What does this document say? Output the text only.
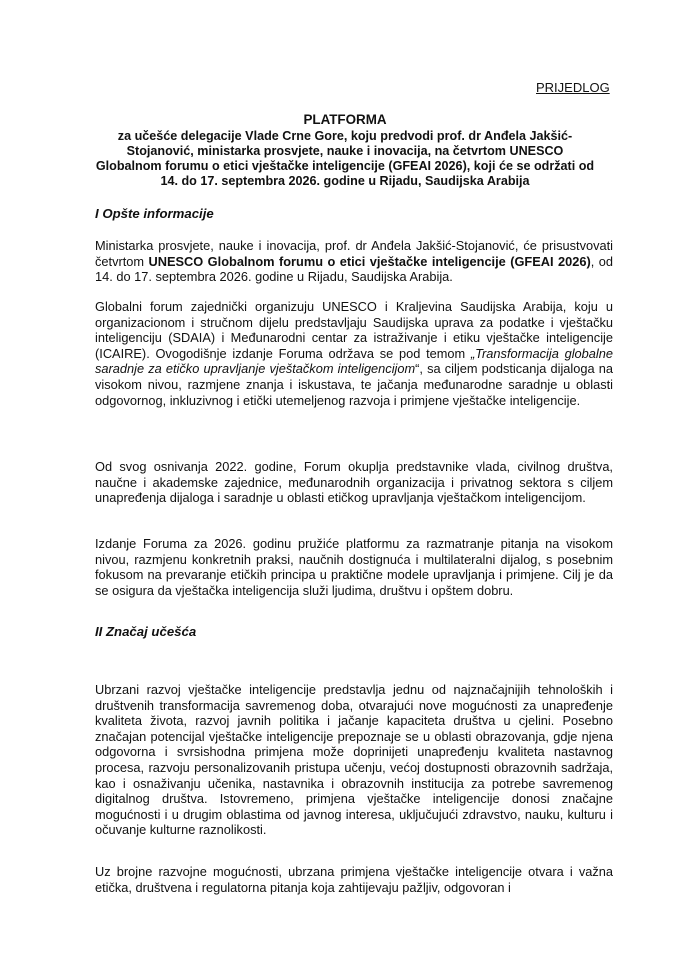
PRIJEDLOG

PLATFORMA

za učešće delegacije Vlade Crne Gore, koju predvodi prof. dr Anđela Jakšić-Stojanović, ministarka prosvjete, nauke i inovacija, na četvrtom UNESCO Globalnom forumu o etici vještačke inteligencije (GFEAI 2026), koji će se održati od 14. do 17. septembra 2026. godine u Rijadu, Saudijska Arabija

I Opšte informacije

Ministarka prosvjete, nauke i inovacija, prof. dr Anđela Jakšić-Stojanović, će prisustvovati četvrtom UNESCO Globalnom forumu o etici vještačke inteligencije (GFEAI 2026), od 14. do 17. septembra 2026. godine u Rijadu, Saudijska Arabija.

Globalni forum zajednički organizuju UNESCO i Kraljevina Saudijska Arabija, koju u organizacionom i stručnom dijelu predstavljaju Saudijska uprava za podatke i vještačku inteligenciju (SDAIA) i Međunarodni centar za istraživanje i etiku vještačke inteligencije (ICAIRE). Ovogodišnje izdanje Foruma održava se pod temom „Transformacija globalne saradnje za etičko upravljanje vještačkom inteligencijom“, sa ciljem podsticanja dijaloga na visokom nivou, razmjene znanja i iskustava, te jačanja međunarodne saradnje u oblasti odgovornog, inkluzivnog i etički utemeljenog razvoja i primjene vještačke inteligencije.

Od svog osnivanja 2022. godine, Forum okuplja predstavnike vlada, civilnog društva, naučne i akademske zajednice, međunarodnih organizacija i privatnog sektora s ciljem unapređenja dijaloga i saradnje u oblasti etičkog upravljanja vještačkom inteligencijom.

Izdanje Foruma za 2026. godinu pružiće platformu za razmatranje pitanja na visokom nivou, razmjenu konkretnih praksi, naučnih dostignuća i multilateralni dijalog, s posebnim fokusom na prevaranje etičkih principa u praktične modele upravljanja i primjene. Cilj je da se osigura da vještačka inteligencija služi ljudima, društvu i opštem dobru.

II Značaj učešća

Ubrzani razvoj vještačke inteligencije predstavlja jednu od najznačajnijih tehnoloških i društvenih transformacija savremenog doba, otvarajući nove mogućnosti za unapređenje kvaliteta života, razvoj javnih politika i jačanje kapaciteta društva u cjelini. Posebno značajan potencijal vještačke inteligencije prepoznaje se u oblasti obrazovanja, gdje njena odgovorna i svrsishodna primjena može doprinijeti unapređenju kvaliteta nastavnog procesa, razvoju personalizovanih pristupa učenju, većoj dostupnosti obrazovnih sadržaja, kao i osnaživanju učenika, nastavnika i obrazovnih institucija za potrebe savremenog digitalnog društva. Istovremeno, primjena vještačke inteligencije donosi značajne mogućnosti i u drugim oblastima od javnog interesa, uključujući zdravstvo, nauku, kulturu i očuvanje kulturne raznolikosti.

Uz brojne razvojne mogućnosti, ubrzana primjena vještačke inteligencije otvara i važna etička, društvena i regulatorna pitanja koja zahtijevaju pažljiv, odgovoran i
